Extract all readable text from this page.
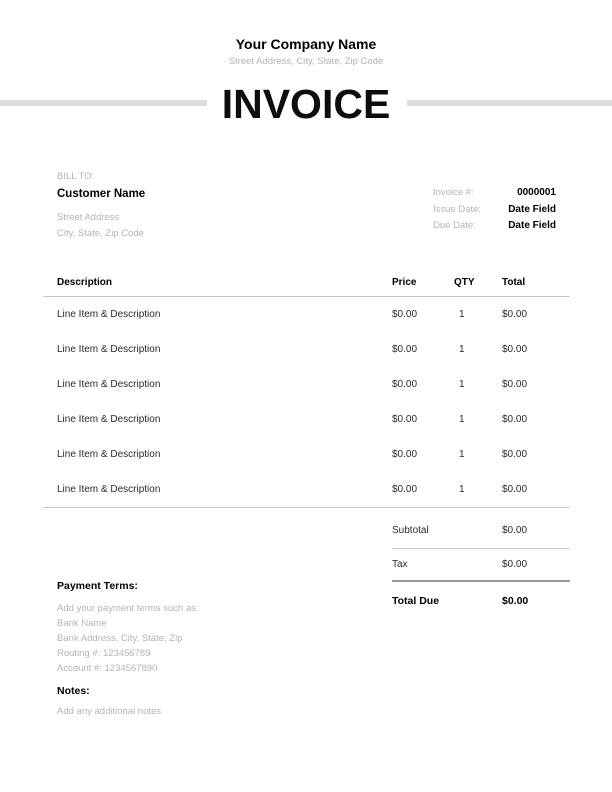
Your Company Name
Street Address, City, State, Zip Code
INVOICE
BILL TO:
Customer Name
Street Address
City, State, Zip Code
Invoice #:	0000001
Issue Date:	Date Field
Due Date:	Date Field
Description	Price	QTY	Total
Line Item & Description	$0.00	1	$0.00
Line Item & Description	$0.00	1	$0.00
Line Item & Description	$0.00	1	$0.00
Line Item & Description	$0.00	1	$0.00
Line Item & Description	$0.00	1	$0.00
Line Item & Description	$0.00	1	$0.00
Subtotal	$0.00
Tax	$0.00
Total Due	$0.00
Payment Terms:
Add your payment terms such as:
Bank Name
Bank Address, City, State, Zip
Routing #: 123456789
Account #: 1234567890
Notes:
Add any additional notes
